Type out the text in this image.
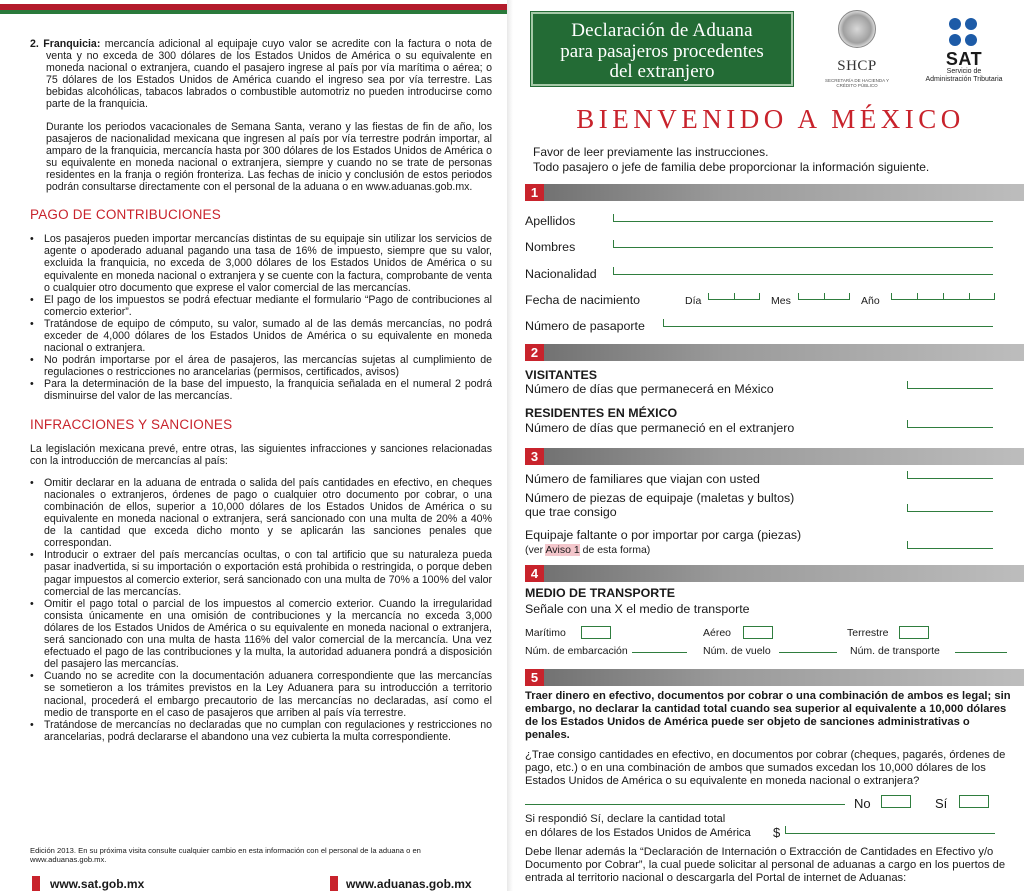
2. Franquicia: mercancía adicional al equipaje cuyo valor se acredite con la factura o nota de venta y no exceda de 300 dólares de los Estados Unidos de América o su equivalente en moneda nacional o extranjera, cuando el pasajero ingrese al país por vía marítima o aérea; o 75 dólares de los Estados Unidos de América cuando el ingreso sea por vía terrestre. Las bebidas alcohólicas, tabacos labrados o combustible automotriz no pueden introducirse como parte de la franquicia.

Durante los periodos vacacionales de Semana Santa, verano y las fiestas de fin de año, los pasajeros de nacionalidad mexicana que ingresen al país por vía terrestre podrán importar, al amparo de la franquicia, mercancía hasta por 300 dólares de los Estados Unidos de América o su equivalente en moneda nacional o extranjera, siempre y cuando no se trate de personas residentes en la franja o región fronteriza. Las fechas de inicio y conclusión de estos periodos podrán consultarse directamente con el personal de la aduana o en www.aduanas.gob.mx.

PAGO DE CONTRIBUCIONES
• Los pasajeros pueden importar mercancías distintas de su equipaje sin utilizar los servicios de agente o apoderado aduanal pagando una tasa de 16% de impuesto, siempre que su valor, excluida la franquicia, no exceda de 3,000 dólares de los Estados Unidos de América o su equivalente en moneda nacional o extranjera y se cuente con la factura, comprobante de venta o cualquier otro documento que exprese el valor comercial de las mercancías.
• El pago de los impuestos se podrá efectuar mediante el formulario “Pago de contribuciones al comercio exterior”.
• Tratándose de equipo de cómputo, su valor, sumado al de las demás mercancías, no podrá exceder de 4,000 dólares de los Estados Unidos de América o su equivalente en moneda nacional o extranjera.
• No podrán importarse por el área de pasajeros, las mercancías sujetas al cumplimiento de regulaciones o restricciones no arancelarias (permisos, certificados, avisos)
• Para la determinación de la base del impuesto, la franquicia señalada en el numeral 2 podrá disminuirse del valor de las mercancías.
INFRACCIONES Y SANCIONES

La legislación mexicana prevé, entre otras, las siguientes infracciones y sanciones relacionadas con la introducción de mercancías al país:

• Omitir declarar en la aduana de entrada o salida del país cantidades en efectivo, en cheques nacionales o extranjeros, órdenes de pago o cualquier otro documento por cobrar, o una combinación de ellos, superior a 10,000 dólares de los Estados Unidos de América o su equivalente en moneda nacional o extranjera, será sancionado con una multa de 20% a 40% de la cantidad que exceda dicho monto y se aplicarán las sanciones penales que correspondan.
• Introducir o extraer del país mercancías ocultas, o con tal artificio que su naturaleza pueda pasar inadvertida, si su importación o exportación está prohibida o restringida, o porque deben pagar impuestos al comercio exterior, será sancionado con una multa de 70% a 100% del valor comercial de las mercancías.
• Omitir el pago total o parcial de los impuestos al comercio exterior. Cuando la irregularidad consista únicamente en una omisión de contribuciones y la mercancía no exceda 3,000 dólares de los Estados Unidos de América o su equivalente en moneda nacional o extranjera, será sancionado con una multa de hasta 116% del valor comercial de la mercancía. Una vez efectuado el pago de las contribuciones y la multa, la autoridad aduanera pondrá a disposición del pasajero las mercancías.
• Cuando no se acredite con la documentación aduanera correspondiente que las mercancías se sometieron a los trámites previstos en la Ley Aduanera para su introducción a territorio nacional, procederá el embargo precautorio de las mercancías no declaradas, así como el medio de transporte en el caso de pasajeros que arriben al país vía terrestre.
• Tratándose de mercancías no declaradas que no cumplan con regulaciones y restricciones no arancelarias, podrá declararse el abandono una vez cubierta la multa correspondiente.
Edición 2013. En su próxima visita consulte cualquier cambio en esta información con el personal de la aduana o en www.aduanas.gob.mx.
www.sat.gob.mx	www.aduanas.gob.mx
Declaración de Aduana
para pasajeros procedentes
del extranjero	SHCP
SECRETARÍA DE HACIENDA Y CRÉDITO PÚBLICO
SAT
Servicio de
Administración Tributaria
BIENVENIDO A MÉXICO
Favor de leer previamente las instrucciones.
Todo pasajero o jefe de familia debe proporcionar la información siguiente.
1
Apellidos
Nombres
Nacionalidad
Fecha de nacimiento	Día	Mes	Año
Número de pasaporte
2
VISITANTES
Número de días que permanecerá en México
RESIDENTES EN MÉXICO
Número de días que permaneció en el extranjero
3
Número de familiares que viajan con usted
Número de piezas de equipaje (maletas y bultos)
que trae consigo
Equipaje faltante o por importar por carga (piezas)
(ver Aviso 1 de esta forma)
4
MEDIO DE TRANSPORTE
Señale con una X el medio de transporte
Marítimo	Aéreo	Terrestre
Núm. de embarcación	Núm. de vuelo	Núm. de transporte
5
Traer dinero en efectivo, documentos por cobrar o una combinación de ambos es legal; sin embargo, no declarar la cantidad total cuando sea superior al equivalente a 10,000 dólares de los Estados Unidos de América puede ser objeto de sanciones administrativas o penales.
¿Trae consigo cantidades en efectivo, en documentos por cobrar (cheques, pagarés, órdenes de pago, etc.) o en una combinación de ambos que sumados excedan los 10,000 dólares de los Estados Unidos de América o su equivalente en moneda nacional o extranjera?
No	Sí
Si respondió Sí, declare la cantidad total
en dólares de los Estados Unidos de América $
Debe llenar además la “Declaración de Internación o Extracción de Cantidades en Efectivo y/o Documento por Cobrar”, la cual puede solicitar al personal de aduanas a cargo en los puertos de entrada al territorio nacional o descargarla del Portal de internet de Aduanas:
